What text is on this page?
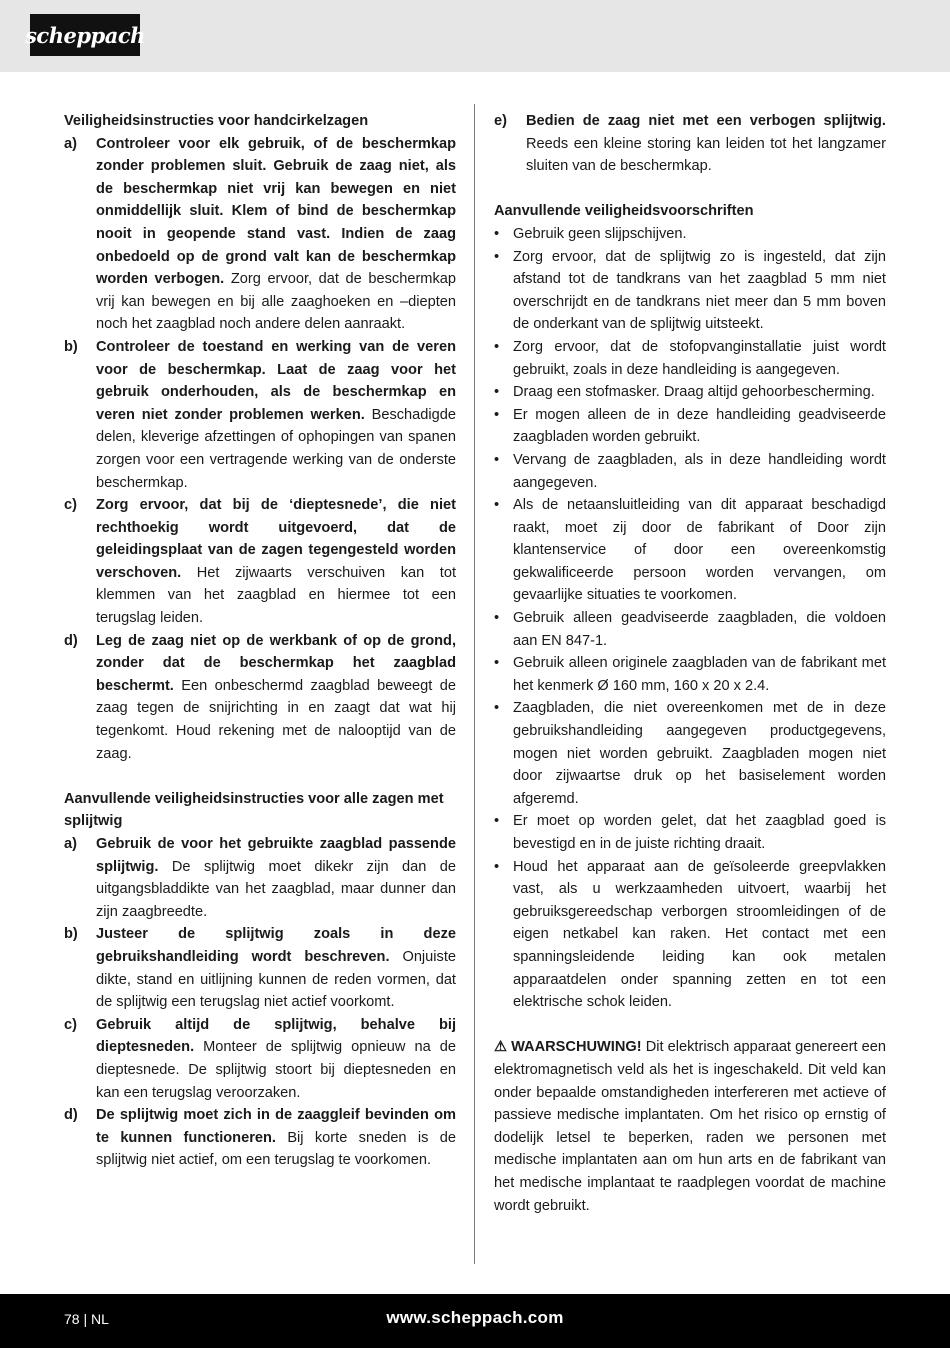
scheppach
Veiligheidsinstructies voor handcirkelzagen
a)	Controleer voor elk gebruik, of de beschermkap zonder problemen sluit. Gebruik de zaag niet, als de beschermkap niet vrij kan bewegen en niet onmiddellijk sluit. Klem of bind de beschermkap nooit in geopende stand vast. Indien de zaag onbedoeld op de grond valt kan de beschermkap worden verbogen. Zorg ervoor, dat de beschermkap vrij kan bewegen en bij alle zaaghoeken en –diepten noch het zaagblad noch andere delen aanraakt.
b)	Controleer de toestand en werking van de veren voor de beschermkap. Laat de zaag voor het gebruik onderhouden, als de beschermkap en veren niet zonder problemen werken. Beschadigde delen, kleverige afzettingen of ophopingen van spanen zorgen voor een vertragende werking van de onderste beschermkap.
c)	Zorg ervoor, dat bij de ‘dieptesnede’, die niet rechthoekig wordt uitgevoerd, dat de geleidingsplaat van de zagen tegengesteld worden verschoven. Het zijwaarts verschuiven kan tot klemmen van het zaagblad en hiermee tot een terugslag leiden.
d)	Leg de zaag niet op de werkbank of op de grond, zonder dat de beschermkap het zaagblad beschermt. Een onbeschermd zaagblad beweegt de zaag tegen de snijrichting in en zaagt dat wat hij tegenkomt. Houd rekening met de nalooptijd van de zaag.
Aanvullende veiligheidsinstructies voor alle zagen met splijtwig
a)	Gebruik de voor het gebruikte zaagblad passende splijtwig. De splijtwig moet dikekr zijn dan de uitgangsbladdikte van het zaagblad, maar dunner dan zijn zaagbreedte.
b)	Justeer de splijtwig zoals in deze gebruikshandleiding wordt beschreven. Onjuiste dikte, stand en uitlijning kunnen de reden vormen, dat de splijtwig een terugslag niet actief voorkomt.
c)	Gebruik altijd de splijtwig, behalve bij dieptesneden. Monteer de splijtwig opnieuw na de dieptesnede. De splijtwig stoort bij dieptesneden en kan een terugslag veroorzaken.
d)	De splijtwig moet zich in de zaaggleif bevinden om te kunnen functioneren. Bij korte sneden is de splijtwig niet actief, om een terugslag te voorkomen.
e)	Bedien de zaag niet met een verbogen splijtwig. Reeds een kleine storing kan leiden tot het langzamer sluiten van de beschermkap.
Aanvullende veiligheidsvoorschriften
• Gebruik geen slijpschijven.
• Zorg ervoor, dat de splijtwig zo is ingesteld, dat zijn afstand tot de tandkrans van het zaagblad 5 mm niet overschrijdt en de tandkrans niet meer dan 5 mm boven de onderkant van de splijtwig uitsteekt.
• Zorg ervoor, dat de stofopvanginstallatie juist wordt gebruikt, zoals in deze handleiding is aangegeven.
• Draag een stofmasker. Draag altijd gehoorbescherming.
• Er mogen alleen de in deze handleiding geadviseerde zaagbladen worden gebruikt.
• Vervang de zaagbladen, als in deze handleiding wordt aangegeven.
• Als de netaansluitleiding van dit apparaat beschadigd raakt, moet zij door de fabrikant of Door zijn klantenservice of door een overeenkomstig gekwalificeerde persoon worden vervangen, om gevaarlijke situaties te voorkomen.
• Gebruik alleen geadviseerde zaagbladen, die voldoen aan EN 847-1.
• Gebruik alleen originele zaagbladen van de fabrikant met het kenmerk Ø 160 mm, 160 x 20 x 2.4.
• Zaagbladen, die niet overeenkomen met de in deze gebruikshandleiding aangegeven productgegevens, mogen niet worden gebruikt. Zaagbladen mogen niet door zijwaartse druk op het basiselement worden afgeremd.
• Er moet op worden gelet, dat het zaagblad goed is bevestigd en in de juiste richting draait.
• Houd het apparaat aan de geïsoleerde greepvlakken vast, als u werkzaamheden uitvoert, waarbij het gebruiksgereedschap verborgen stroomleidingen of de eigen netkabel kan raken. Het contact met een spanningsleidende leiding kan ook metalen apparaatdelen onder spanning zetten en tot een elektrische schok leiden.
⚠ WAARSCHUWING! Dit elektrisch apparaat genereert een elektromagnetisch veld als het is ingeschakeld. Dit veld kan onder bepaalde omstandigheden interfereren met actieve of passieve medische implantaten. Om het risico op ernstig of dodelijk letsel te beperken, raden we personen met medische implantaten aan om hun arts en de fabrikant van het medische implantaat te raadplegen voordat de machine wordt gebruikt.
78 | NL	www.scheppach.com
